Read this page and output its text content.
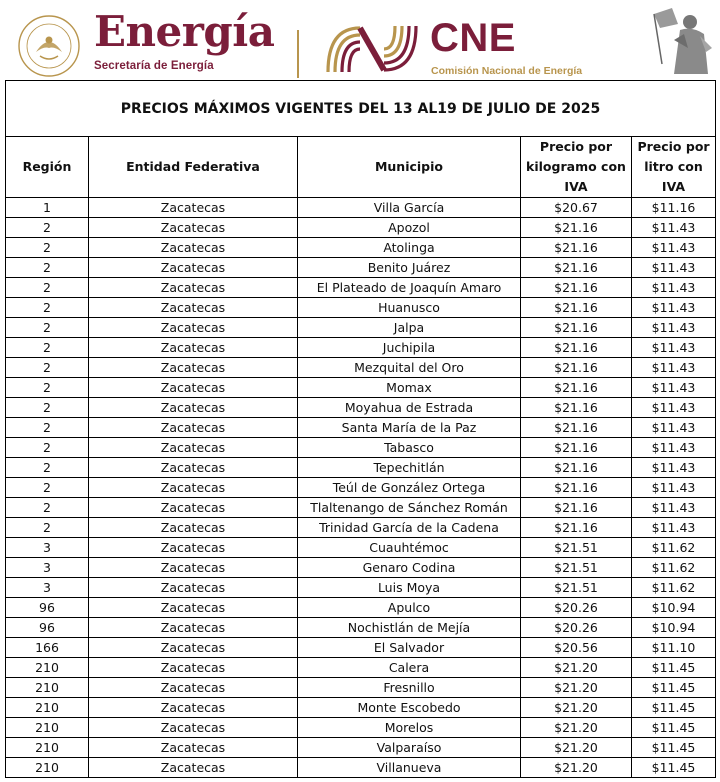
Energía
Secretaría de Energía
CNE
Comisión Nacional de Energía
PRECIOS MÁXIMOS VIGENTES DEL 13 AL19 DE JULIO DE 2025				
Región	Entidad Federativa	Municipio	Precio por kilogramo con IVA	Precio por litro con IVA
1	Zacatecas	Villa García	$20.67	$11.16
2	Zacatecas	Apozol	$21.16	$11.43
2	Zacatecas	Atolinga	$21.16	$11.43
2	Zacatecas	Benito Juárez	$21.16	$11.43
2	Zacatecas	El Plateado de Joaquín Amaro	$21.16	$11.43
2	Zacatecas	Huanusco	$21.16	$11.43
2	Zacatecas	Jalpa	$21.16	$11.43
2	Zacatecas	Juchipila	$21.16	$11.43
2	Zacatecas	Mezquital del Oro	$21.16	$11.43
2	Zacatecas	Momax	$21.16	$11.43
2	Zacatecas	Moyahua de Estrada	$21.16	$11.43
2	Zacatecas	Santa María de la Paz	$21.16	$11.43
2	Zacatecas	Tabasco	$21.16	$11.43
2	Zacatecas	Tepechitlán	$21.16	$11.43
2	Zacatecas	Teúl de González Ortega	$21.16	$11.43
2	Zacatecas	Tlaltenango de Sánchez Román	$21.16	$11.43
2	Zacatecas	Trinidad García de la Cadena	$21.16	$11.43
3	Zacatecas	Cuauhtémoc	$21.51	$11.62
3	Zacatecas	Genaro Codina	$21.51	$11.62
3	Zacatecas	Luis Moya	$21.51	$11.62
96	Zacatecas	Apulco	$20.26	$10.94
96	Zacatecas	Nochistlán de Mejía	$20.26	$10.94
166	Zacatecas	El Salvador	$20.56	$11.10
210	Zacatecas	Calera	$21.20	$11.45
210	Zacatecas	Fresnillo	$21.20	$11.45
210	Zacatecas	Monte Escobedo	$21.20	$11.45
210	Zacatecas	Morelos	$21.20	$11.45
210	Zacatecas	Valparaíso	$21.20	$11.45
210	Zacatecas	Villanueva	$21.20	$11.45
